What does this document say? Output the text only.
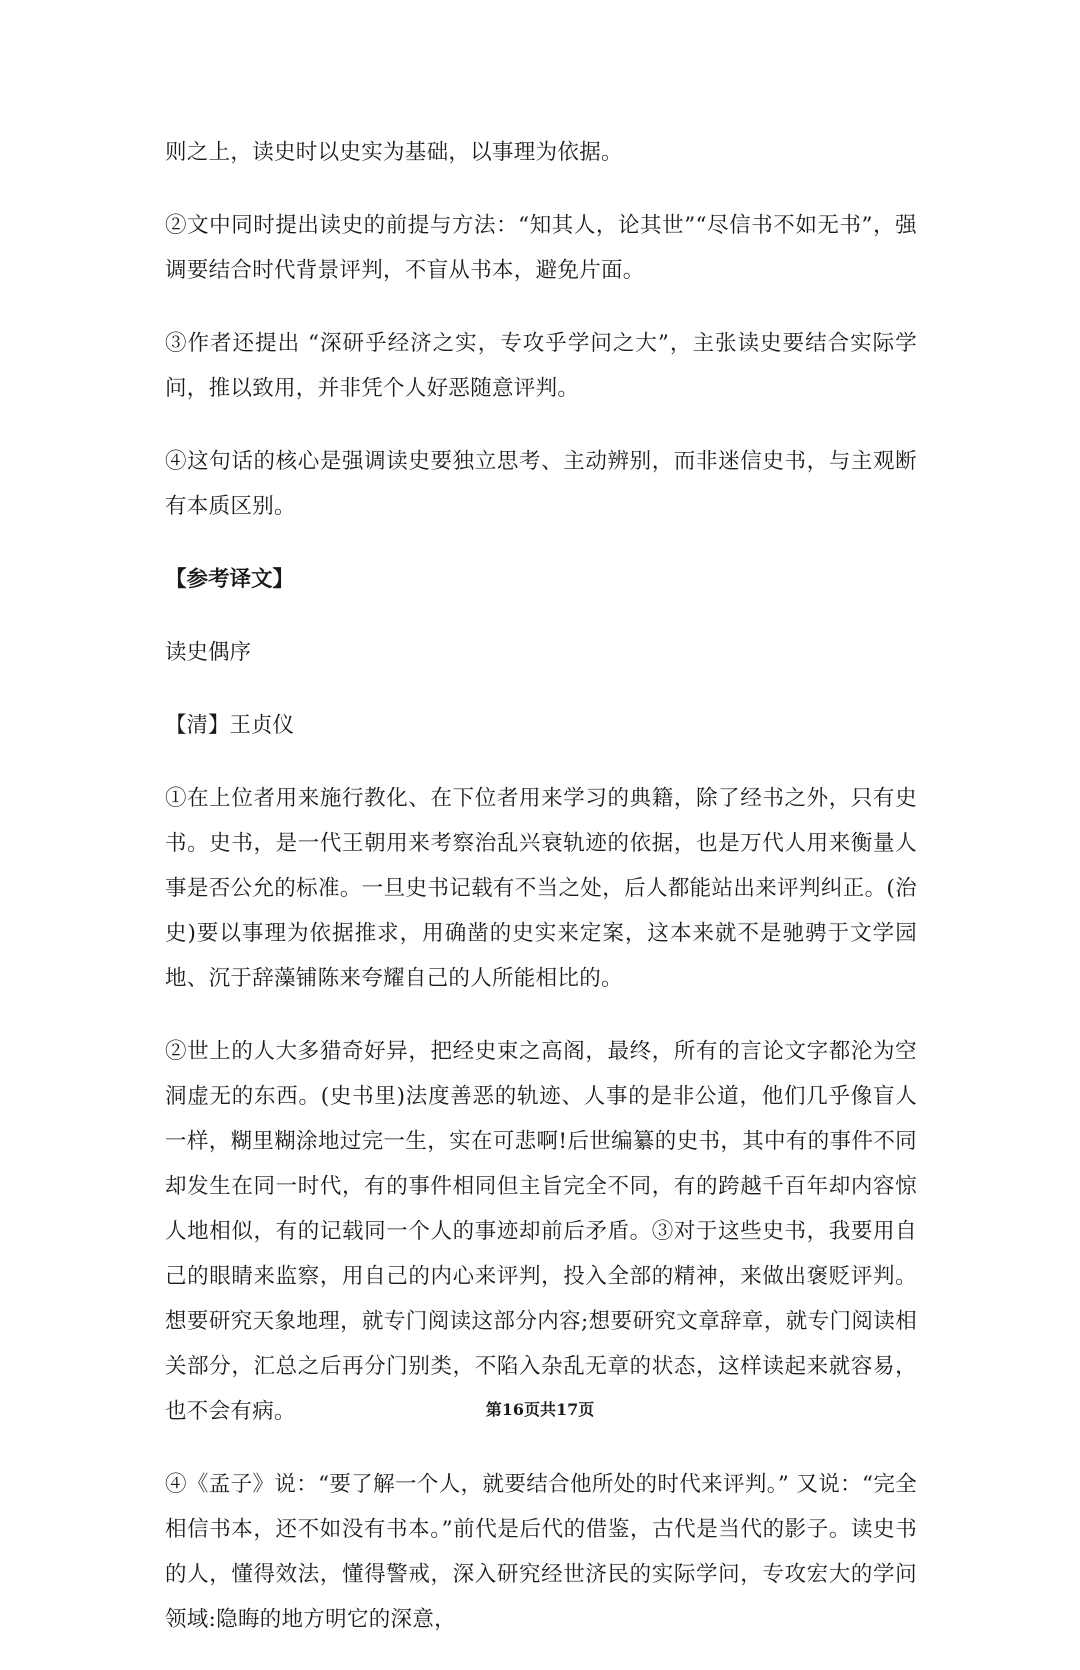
则之上，读史时以史实为基础，以事理为依据。

②文中同时提出读史的前提与方法：“知其人，论其世”“尽信书不如无书”，强调要结合时代背景评判，不盲从书本，避免片面。

③作者还提出 “深研乎经济之实，专攻乎学问之大”，主张读史要结合实际学问，推以致用，并非凭个人好恶随意评判。

④这句话的核心是强调读史要独立思考、主动辨别，而非迷信史书，与主观断有本质区别。

【参考译文】

读史偶序

【清】王贞仪

①在上位者用来施行教化、在下位者用来学习的典籍，除了经书之外，只有史书。史书，是一代王朝用来考察治乱兴衰轨迹的依据，也是万代人用来衡量人事是否公允的标准。一旦史书记载有不当之处，后人都能站出来评判纠正。(治史)要以事理为依据推求，用确凿的史实来定案，这本来就不是驰骋于文学园地、沉于辞藻铺陈来夸耀自己的人所能相比的。

②世上的人大多猎奇好异，把经史束之高阁，最终，所有的言论文字都沦为空洞虚无的东西。(史书里)法度善恶的轨迹、人事的是非公道，他们几乎像盲人一样，糊里糊涂地过完一生，实在可悲啊!后世编纂的史书，其中有的事件不同却发生在同一时代，有的事件相同但主旨完全不同，有的跨越千百年却内容惊人地相似，有的记载同一个人的事迹却前后矛盾。③对于这些史书，我要用自己的眼睛来监察，用自己的内心来评判，投入全部的精神，来做出褒贬评判。想要研究天象地理，就专门阅读这部分内容;想要研究文章辞章，就专门阅读相关部分，汇总之后再分门别类，不陷入杂乱无章的状态，这样读起来就容易，也不会有病。

④《孟子》说：“要了解一个人，就要结合他所处的时代来评判。” 又说：“完全相信书本，还不如没有书本。”前代是后代的借鉴，古代是当代的影子。读史书的人，懂得效法，懂得警戒，深入研究经世济民的实际学问，专攻宏大的学问领域:隐晦的地方明它的深意，

第16页共17页
